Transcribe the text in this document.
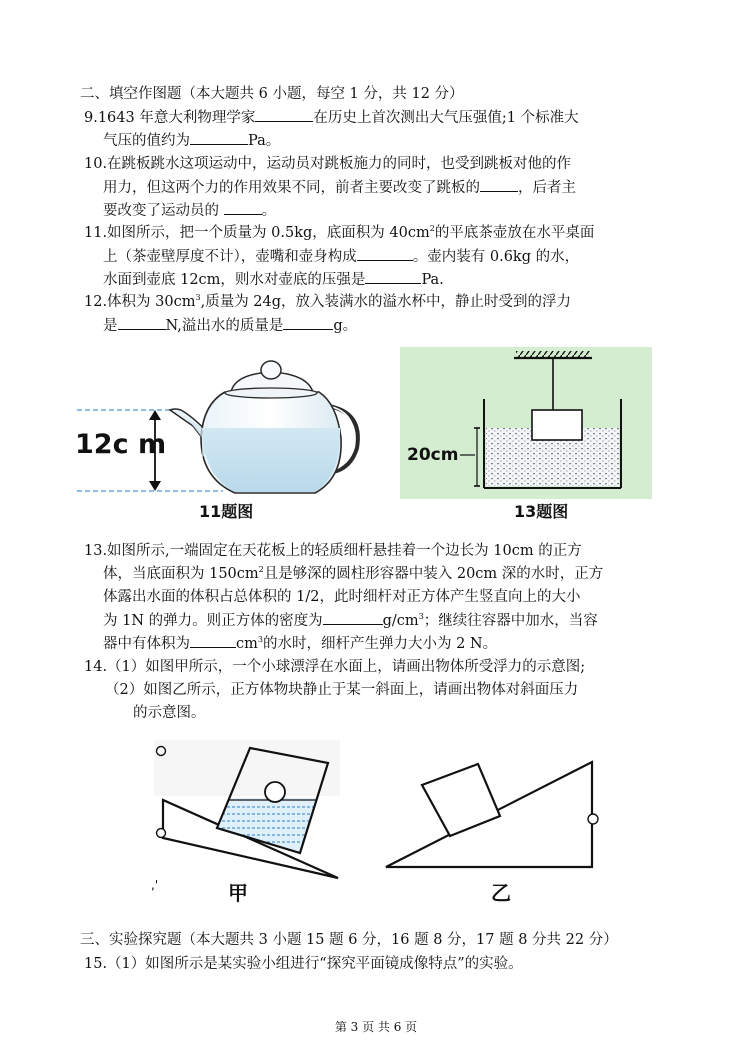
二、填空作图题（本大题共 6 小题，每空 1 分，共 12 分）
9.1643 年意大利物理学家	在历史上首次测出大气压强值;1 个标准大
气压的值约为	Pa。
10.在跳板跳水这项运动中，运动员对跳板施力的同时，也受到跳板对他的作
用力，但这两个力的作用效果不同，前者主要改变了跳板的	，后者主
要改变了运动员的	。
11.如图所示，把一个质量为 0.5kg，底面积为 $40cm^2$的平底茶壶放在水平桌面
上（茶壶壁厚度不计），壶嘴和壶身构成	。壶内装有 0.6kg 的水，
水面到壶底 12cm，则水对壶底的压强是	Pa.
12.体积为 $30cm^3$,质量为 24g，放入装满水的溢水杯中，静止时受到的浮力
是	N,溢出水的质量是	g。
12c m
11题图
20cm
13题图
13.如图所示,一端固定在天花板上的轻质细杆悬挂着一个边长为 10cm 的正方
体，当底面积为 $150cm^2$且是够深的圆柱形容器中装入 20cm 深的水时，正方
体露出水面的体积占总体积的 1/2，此时细杆对正方体产生竖直向上的大小
为 1N 的弹力。则正方体的密度为	$g/cm^3$；继续往容器中加水，当容
器中有体积为	$cm^3$的水时，细杆产生弹力大小为 2 N。
14.（1）如图甲所示，一个小球漂浮在水面上，请画出物体所受浮力的示意图;
（2）如图乙所示，正方体物块静止于某一斜面上，请画出物体对斜面压力
的示意图。
,'	甲	乙
三、实验探究题（本大题共 3 小题 15 题 6 分，16 题 8 分，17 题 8 分共 22 分）
15.（1）如图所示是某实验小组进行“探究平面镜成像特点”的实验。
第 3 页 共 6 页
